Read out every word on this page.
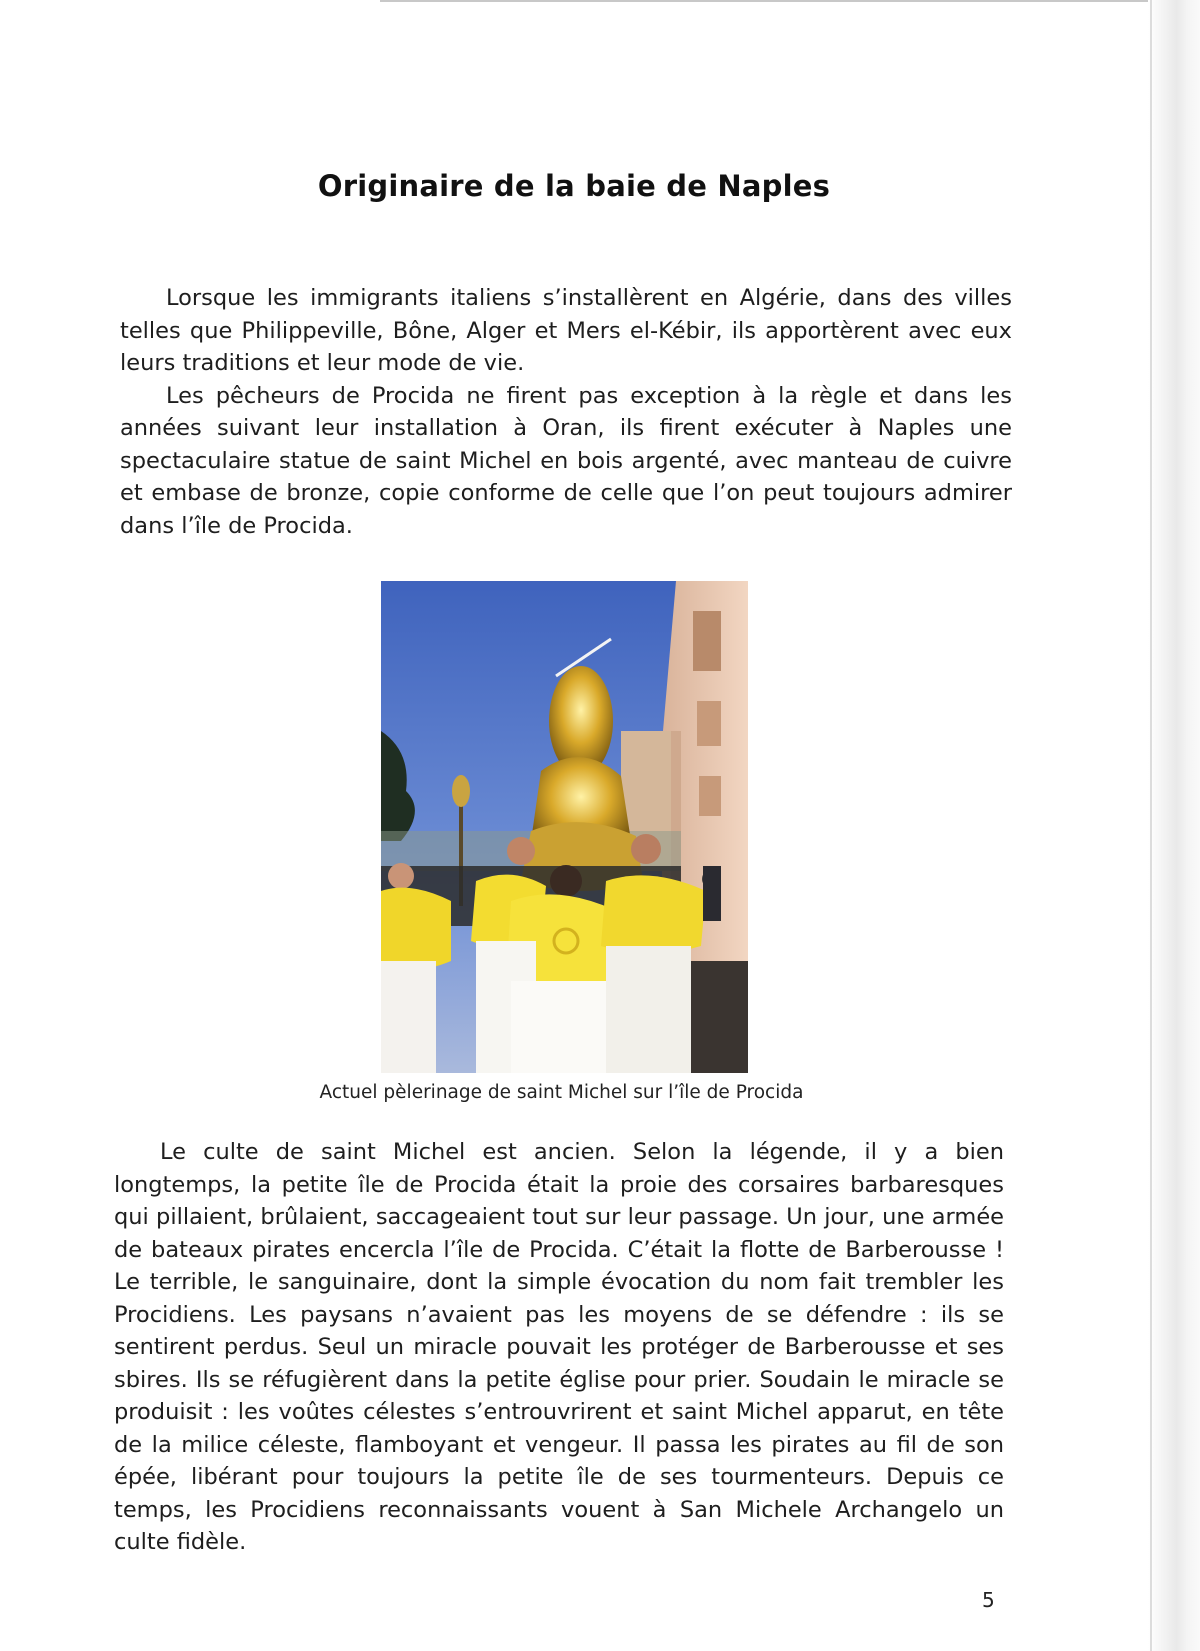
Originaire de la baie de Naples

Lorsque les immigrants italiens s’installèrent en Algérie, dans des villes telles que Philippeville, Bône, Alger et Mers el-Kébir, ils apportèrent avec eux leurs traditions et leur mode de vie.

Les pêcheurs de Procida ne firent pas exception à la règle et dans les années suivant leur installation à Oran, ils firent exécuter à Naples une spectaculaire statue de saint Michel en bois argenté, avec manteau de cuivre et embase de bronze, copie conforme de celle que l’on peut toujours admirer dans l’île de Procida.

Actuel pèlerinage de saint Michel sur l’île de Procida

Le culte de saint Michel est ancien. Selon la légende, il y a bien longtemps, la petite île de Procida était la proie des corsaires barbaresques qui pillaient, brûlaient, saccageaient tout sur leur passage. Un jour, une armée de bateaux pirates encercla l’île de Procida. C’était la flotte de Barberousse ! Le terrible, le sanguinaire, dont la simple évocation du nom fait trembler les Procidiens. Les paysans n’avaient pas les moyens de se défendre : ils se sentirent perdus. Seul un miracle pouvait les protéger de Barberousse et ses sbires. Ils se réfugièrent dans la petite église pour prier. Soudain le miracle se produisit : les voûtes célestes s’entrouvrirent et saint Michel apparut, en tête de la milice céleste, flamboyant et vengeur. Il passa les pirates au fil de son épée, libérant pour toujours la petite île de ses tourmenteurs. Depuis ce temps, les Procidiens reconnaissants vouent à San Michele Archangelo un culte fidèle.

5
